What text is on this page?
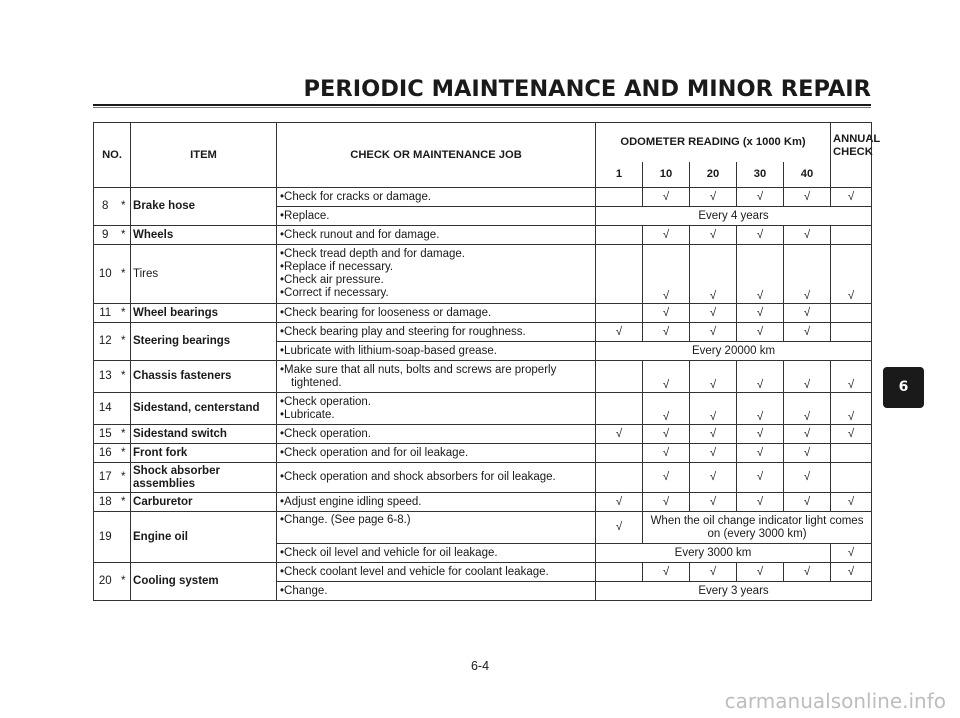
PERIODIC MAINTENANCE AND MINOR REPAIR
NO.		ITEM	CHECK OR MAINTENANCE JOB	ODOMETER READING (x 1000 Km)					ANNUAL CHECK
				1	10	20	30	40	
8	*	Brake hose	•Check for cracks or damage.		√	√	√	√	√
			•Replace.	Every 4 years					
9	*	Wheels	•Check runout and for damage.		√	√	√	√	
10	*	Tires	•Check tread depth and for damage.
•Replace if necessary.
•Check air pressure.
•Correct if necessary.		√	√	√	√	√
11	*	Wheel bearings	•Check bearing for looseness or damage.		√	√	√	√	
12	*	Steering bearings	•Check bearing play and steering for roughness.	√	√	√	√	√	
			•Lubricate with lithium-soap-based grease.	Every 20000 km					
13	*	Chassis fasteners	•Make sure that all nuts, bolts and screws are properly
tightened.		√	√	√	√	√
14		Sidestand, centerstand	•Check operation.
•Lubricate.		√	√	√	√	√
15	*	Sidestand switch	•Check operation.	√	√	√	√	√	√
16	*	Front fork	•Check operation and for oil leakage.		√	√	√	√	
17	*	Shock absorber
assemblies	•Check operation and shock absorbers for oil leakage.		√	√	√	√	
18	*	Carburetor	•Adjust engine idling speed.	√	√	√	√	√	√
19		Engine oil	•Change. (See page 6-8.)	√	When the oil change indicator light comes
on (every 3000 km)				

			•Check oil level and vehicle for oil leakage.	Every 3000 km					√
20	*	Cooling system	•Check coolant level and vehicle for coolant leakage.		√	√	√	√	√
			•Change.	Every 3 years					
6-4
6
carmanualsonline.info
